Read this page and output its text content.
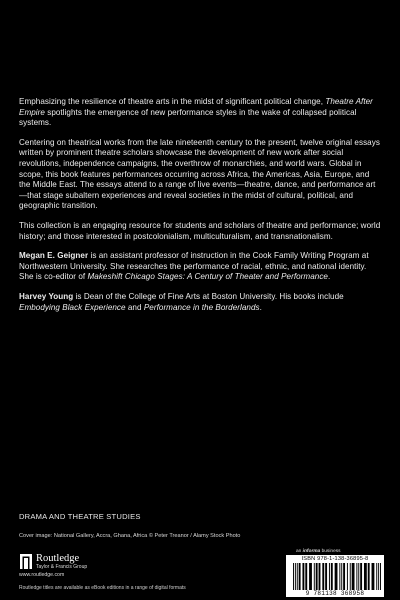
Emphasizing the resilience of theatre arts in the midst of significant political change, Theatre After Empire spotlights the emergence of new performance styles in the wake of collapsed political systems.

Centering on theatrical works from the late nineteenth century to the present, twelve original essays written by prominent theatre scholars showcase the development of new work after social revolutions, independence campaigns, the overthrow of monarchies, and world wars. Global in scope, this book features performances occurring across Africa, the Americas, Asia, Europe, and the Middle East. The essays attend to a range of live events—theatre, dance, and performance art—that stage subaltern experiences and reveal societies in the midst of cultural, political, and geographic transition.

This collection is an engaging resource for students and scholars of theatre and performance; world history; and those interested in postcolonialism, multiculturalism, and transnationalism.

Megan E. Geigner is an assistant professor of instruction in the Cook Family Writing Program at Northwestern University. She researches the performance of racial, ethnic, and national identity. She is co-editor of Makeshift Chicago Stages: A Century of Theater and Performance.

Harvey Young is Dean of the College of Fine Arts at Boston University. His books include Embodying Black Experience and Performance in the Borderlands.

DRAMA AND THEATRE STUDIES
Cover image: National Gallery, Accra, Ghana, Africa © Peter Treanor / Alamy Stock Photo
Routledge
Taylor & Francis Group
www.routledge.com
Routledge titles are available as eBook editions in a range of digital formats
an informa business
ISBN 978-1-138-36895-8
9 781138 368958
